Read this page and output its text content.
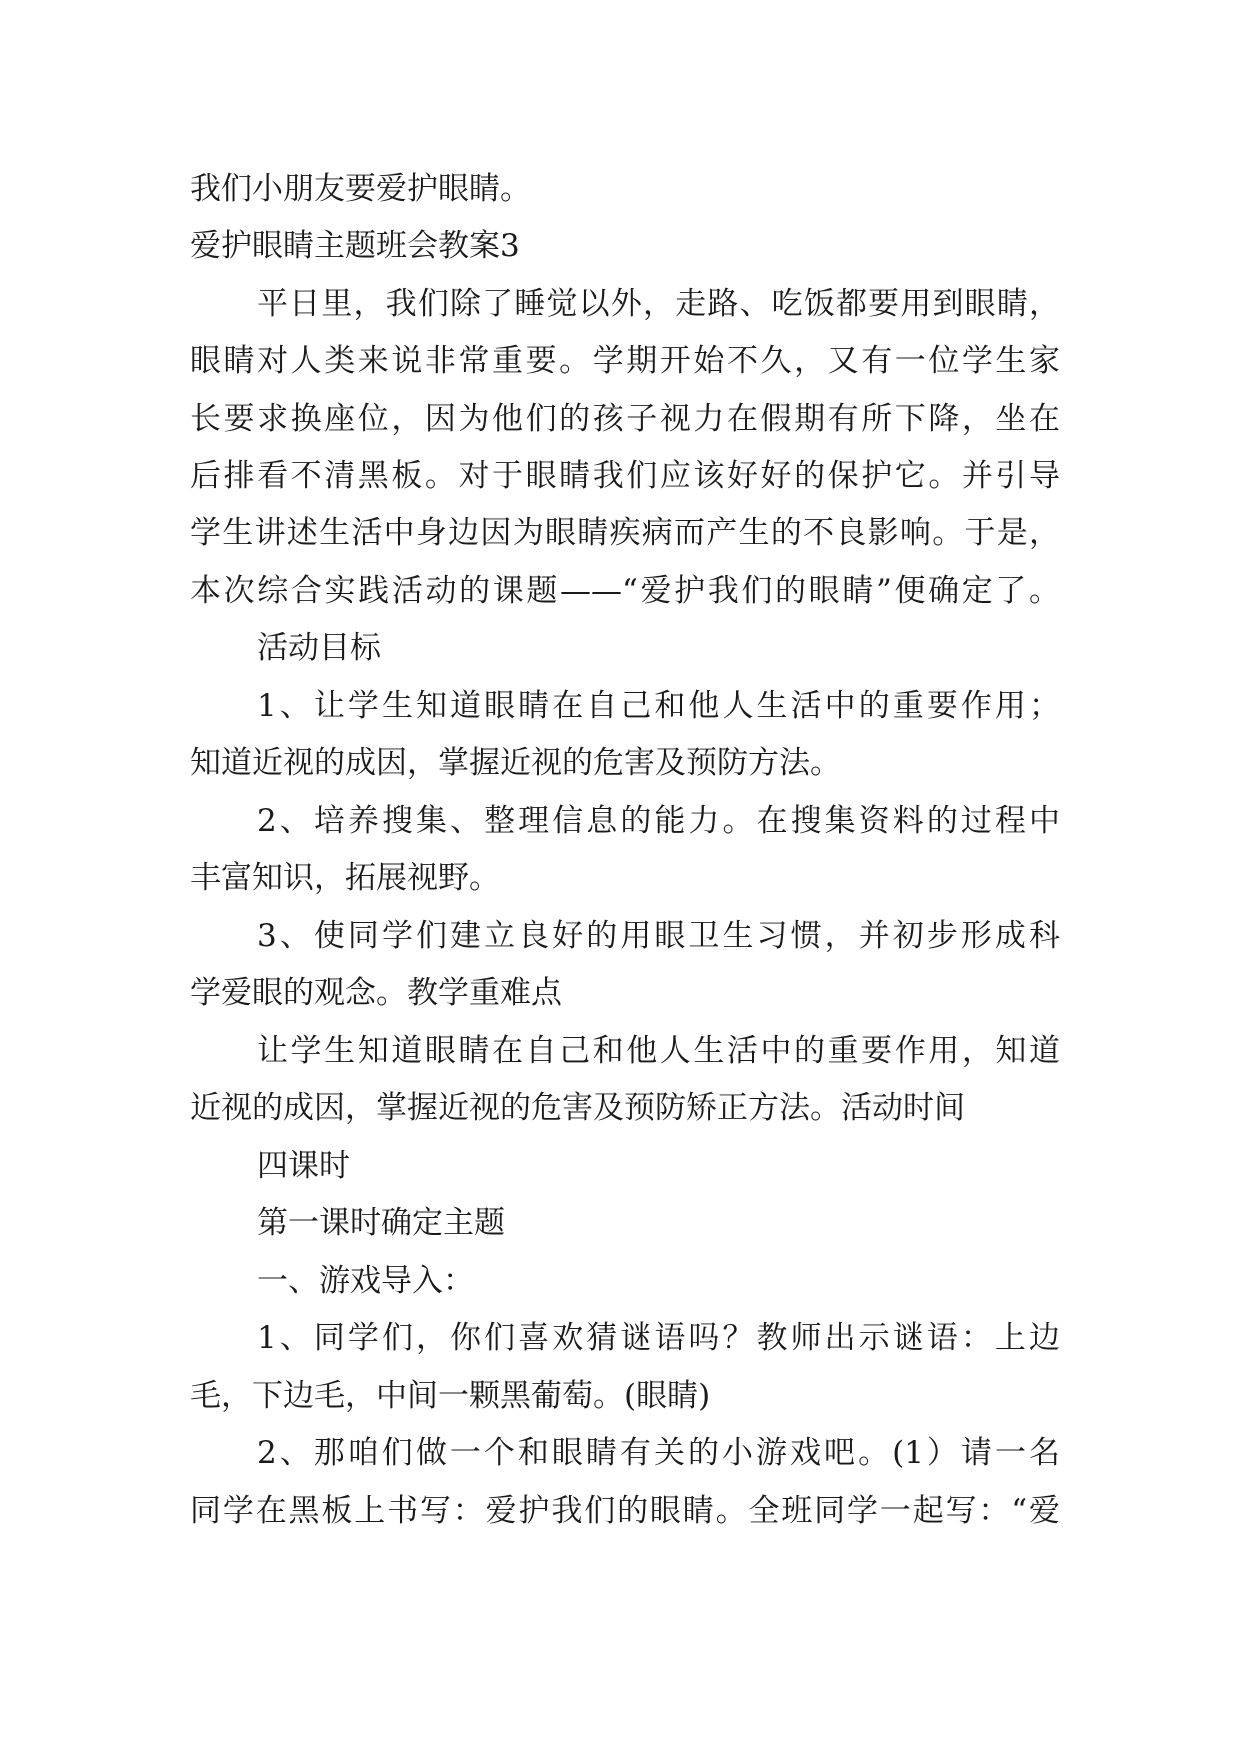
我们小朋友要爱护眼睛。
爱护眼睛主题班会教案3
平日里，我们除了睡觉以外，走路、吃饭都要用到眼睛，
眼睛对人类来说非常重要。学期开始不久，又有一位学生家
长要求换座位，因为他们的孩子视力在假期有所下降，坐在
后排看不清黑板。对于眼睛我们应该好好的保护它。并引导
学生讲述生活中身边因为眼睛疾病而产生的不良影响。于是，
本次综合实践活动的课题——“爱护我们的眼睛”便确定了。
活动目标
1、让学生知道眼睛在自己和他人生活中的重要作用；
知道近视的成因，掌握近视的危害及预防方法。
2、培养搜集、整理信息的能力。在搜集资料的过程中
丰富知识，拓展视野。
3、使同学们建立良好的用眼卫生习惯，并初步形成科
学爱眼的观念。教学重难点
让学生知道眼睛在自己和他人生活中的重要作用，知道
近视的成因，掌握近视的危害及预防矫正方法。活动时间
四课时
第一课时确定主题
一、游戏导入：
1、同学们，你们喜欢猜谜语吗？教师出示谜语：上边
毛，下边毛，中间一颗黑葡萄。(眼睛)
2、那咱们做一个和眼睛有关的小游戏吧。(1）请一名
同学在黑板上书写：爱护我们的眼睛。全班同学一起写：“爱
